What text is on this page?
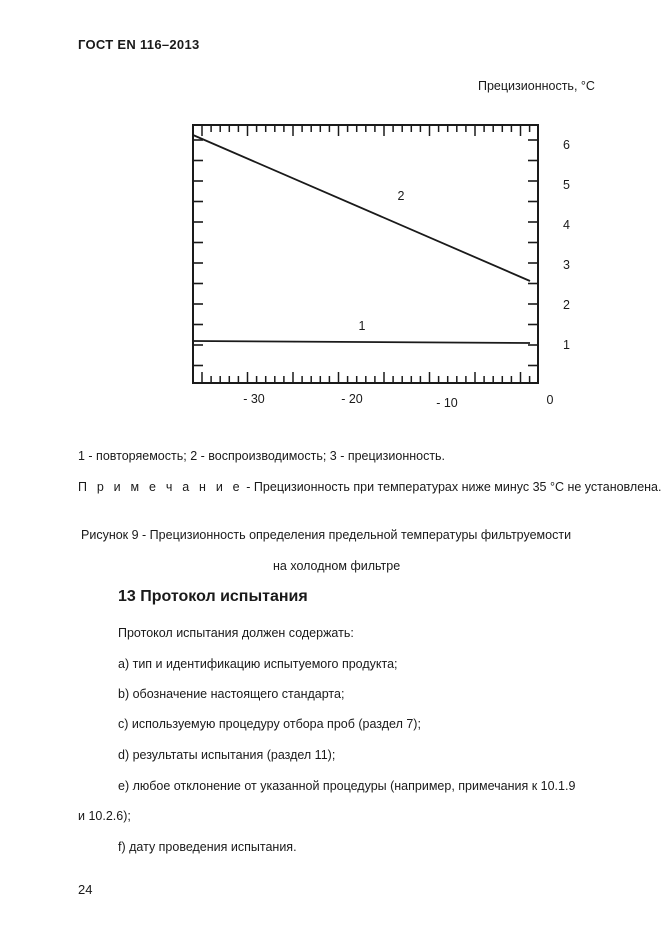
ГОСТ EN 116–2013
Прецизионность, °C
1
2
6
5
4
3
2
1
- 30	- 20	- 10	0
1 - повторяемость; 2 - воспроизводимость; 3 - прецизионность.
П р и м е ч а н и е - Прецизионность при температурах ниже минус 35 °C не установлена.
Рисунок 9 - Прецизионность определения предельной температуры фильтруемости
на холодном фильтре
13 Протокол испытания
Протокол испытания должен содержать:
a) тип и идентификацию испытуемого продукта;
b) обозначение настоящего стандарта;
c) используемую процедуру отбора проб (раздел 7);
d) результаты испытания (раздел 11);
e) любое отклонение от указанной процедуры (например, примечания к 10.1.9
и 10.2.6);
f) дату проведения испытания.
24
